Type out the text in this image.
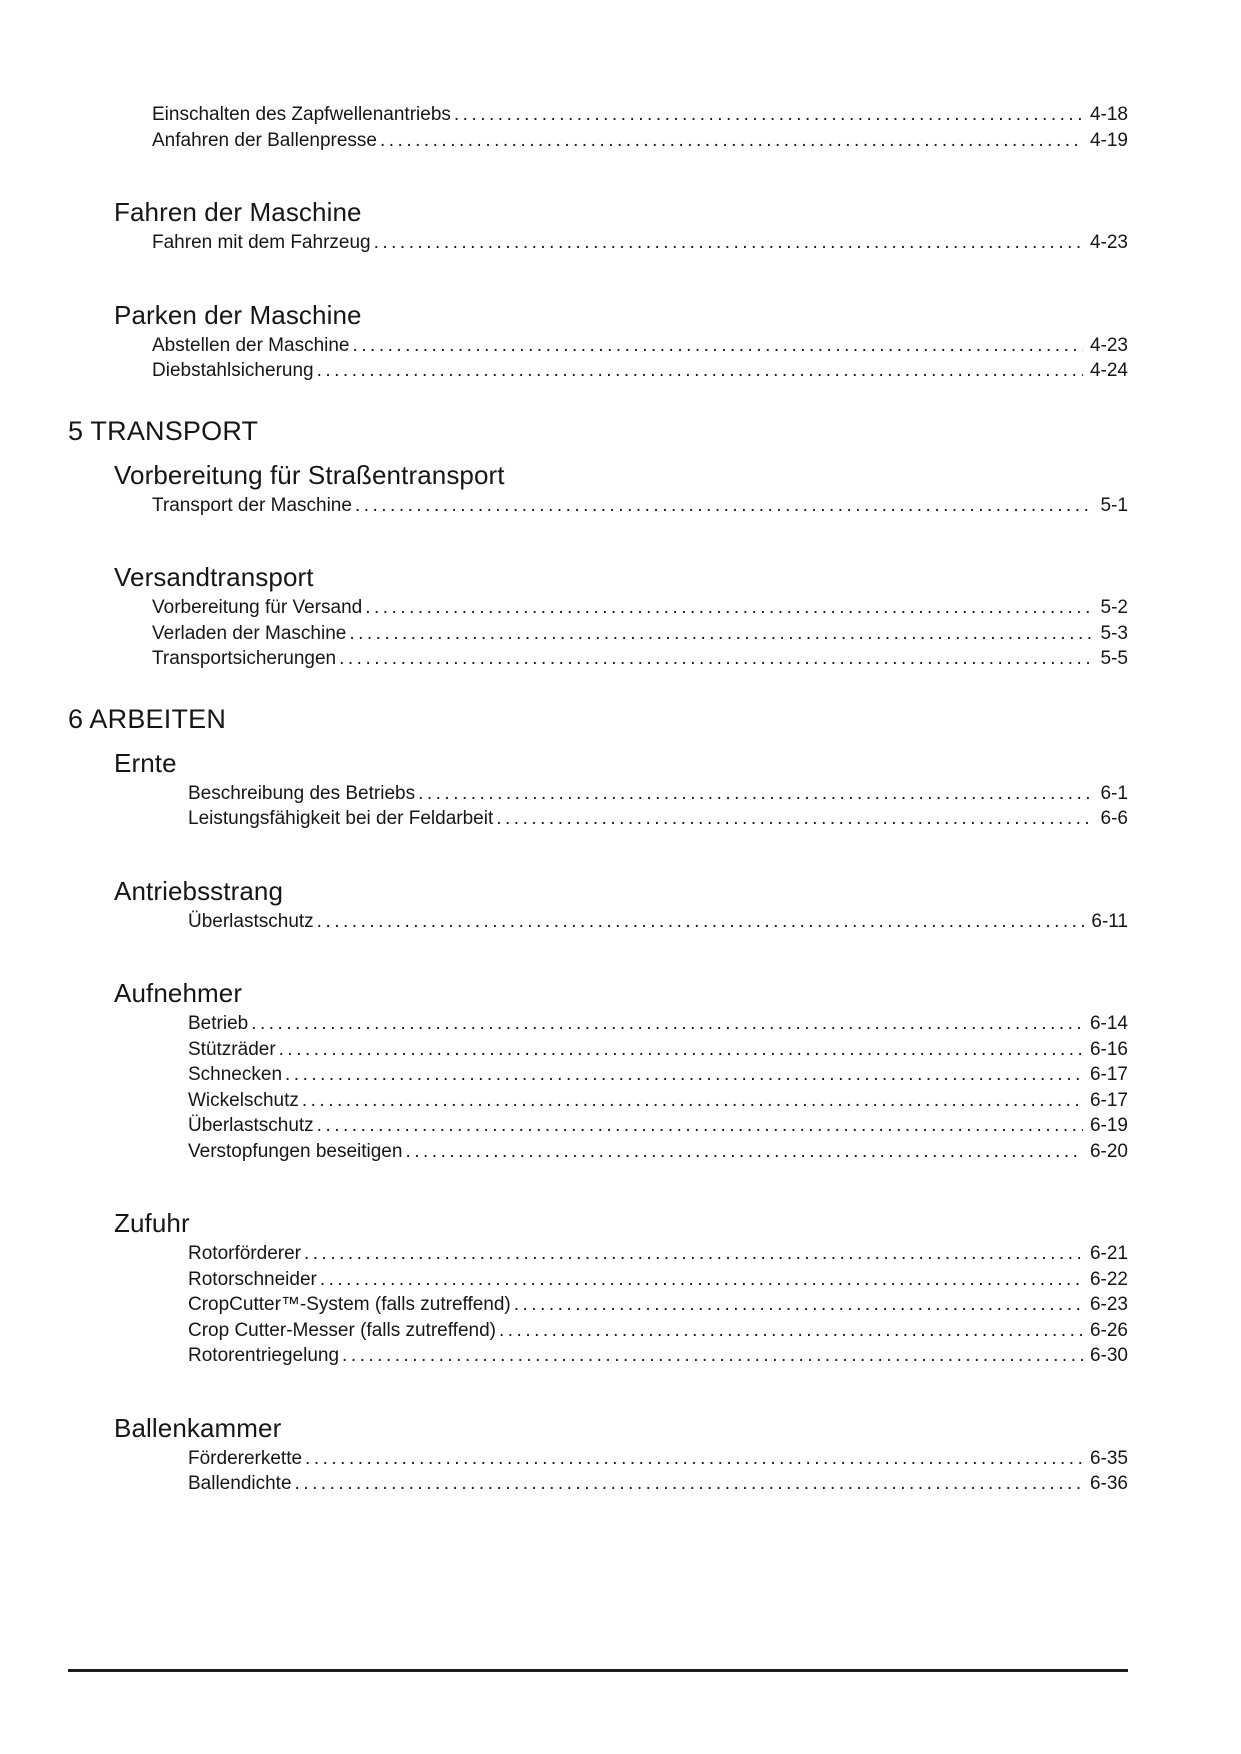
Einschalten des Zapfwellenantriebs .....	4-18
Anfahren der Ballenpresse .....	4-19
Fahren der Maschine
Fahren mit dem Fahrzeug .....	4-23
Parken der Maschine
Abstellen der Maschine .....	4-23
Diebstahlsicherung .....	4-24
5 TRANSPORT
Vorbereitung für Straßentransport
Transport der Maschine .....	5-1
Versandtransport
Vorbereitung für Versand .....	5-2
Verladen der Maschine .....	5-3
Transportsicherungen .....	5-5
6 ARBEITEN
Ernte
Beschreibung des Betriebs .....	6-1
Leistungsfähigkeit bei der Feldarbeit .....	6-6
Antriebsstrang
Überlastschutz .....	6-11
Aufnehmer
Betrieb .....	6-14
Stützräder .....	6-16
Schnecken .....	6-17
Wickelschutz .....	6-17
Überlastschutz .....	6-19
Verstopfungen beseitigen .....	6-20
Zufuhr
Rotorförderer .....	6-21
Rotorschneider .....	6-22
CropCutter™-System (falls zutreffend) .....	6-23
Crop Cutter-Messer (falls zutreffend) .....	6-26
Rotorentriegelung .....	6-30
Ballenkammer
Fördererkette .....	6-35
Ballendichte .....	6-36
